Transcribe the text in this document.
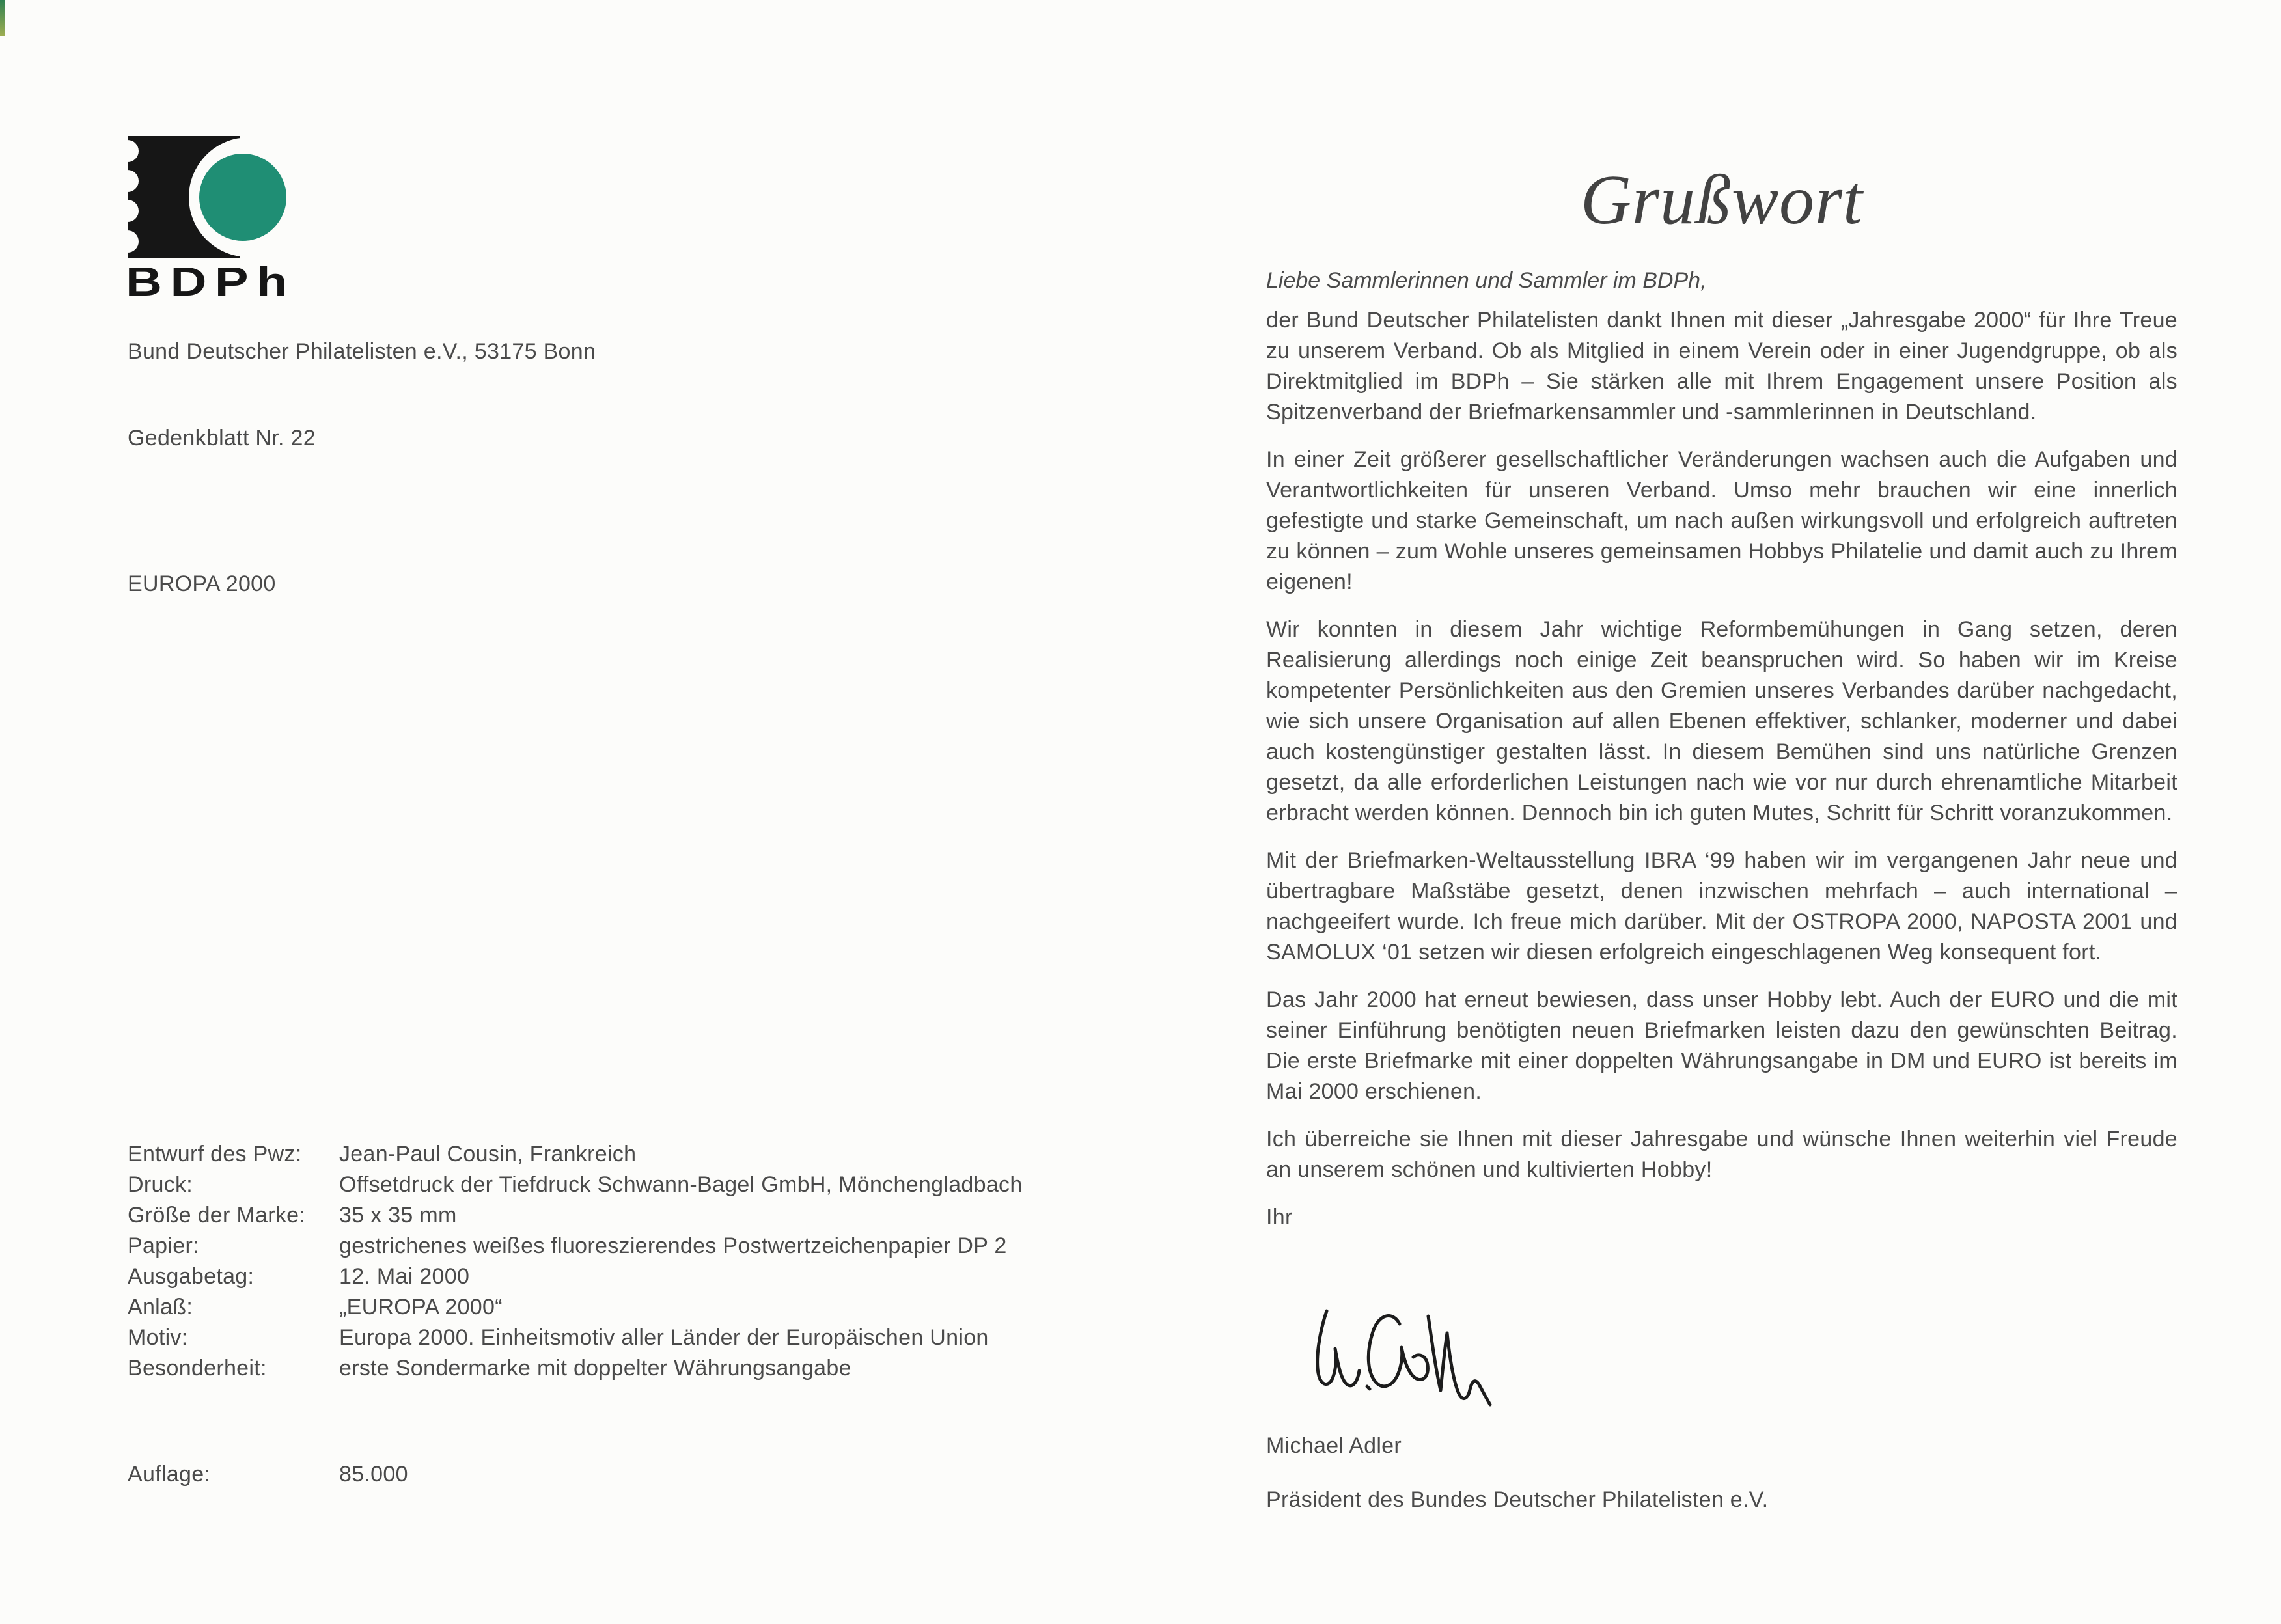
BDPh
Bund Deutscher Philatelisten e.V., 53175 Bonn
Gedenkblatt Nr. 22
EUROPA 2000
Entwurf des Pwz:	Jean-Paul Cousin, Frankreich
Druck:	Offsetdruck der Tiefdruck Schwann-Bagel GmbH, Mönchengladbach
Größe der Marke:	35 x 35 mm
Papier:	gestrichenes weißes fluoreszierendes Postwertzeichenpapier DP 2
Ausgabetag:	12. Mai 2000
Anlaß:	„EUROPA 2000“
Motiv:	Europa 2000. Einheitsmotiv aller Länder der Europäischen Union
Besonderheit:	erste Sondermarke mit doppelter Währungsangabe
Auflage:	85.000
Grußwort
Liebe Sammlerinnen und Sammler im BDPh,

der Bund Deutscher Philatelisten dankt Ihnen mit dieser „Jahresgabe 2000“ für Ihre Treue zu unserem Verband. Ob als Mitglied in einem Verein oder in einer Jugendgruppe, ob als Direktmitglied im BDPh – Sie stärken alle mit Ihrem Engagement unsere Position als Spitzenverband der Briefmarkensammler und -sammlerinnen in Deutschland.

In einer Zeit größerer gesellschaftlicher Veränderungen wachsen auch die Aufgaben und Verantwortlichkeiten für unseren Verband. Umso mehr brauchen wir eine innerlich gefestigte und starke Gemeinschaft, um nach außen wirkungsvoll und erfolgreich auftreten zu können – zum Wohle unseres gemeinsamen Hobbys Philatelie und damit auch zu Ihrem eigenen!

Wir konnten in diesem Jahr wichtige Reformbemühungen in Gang setzen, deren Realisierung allerdings noch einige Zeit beanspruchen wird. So haben wir im Kreise kompetenter Persönlichkeiten aus den Gremien unseres Verbandes darüber nachgedacht, wie sich unsere Organisation auf allen Ebenen effektiver, schlanker, moderner und dabei auch kostengünstiger gestalten lässt. In diesem Bemühen sind uns natürliche Grenzen gesetzt, da alle erforderlichen Leistungen nach wie vor nur durch ehrenamtliche Mitarbeit erbracht werden können. Dennoch bin ich guten Mutes, Schritt für Schritt voranzukommen.

Mit der Briefmarken-Weltausstellung IBRA ‘99 haben wir im vergangenen Jahr neue und übertragbare Maßstäbe gesetzt, denen inzwischen mehrfach – auch international – nachgeeifert wurde. Ich freue mich darüber. Mit der OSTROPA 2000, NAPOSTA 2001 und SAMOLUX ‘01 setzen wir diesen erfolgreich eingeschlagenen Weg konsequent fort.

Das Jahr 2000 hat erneut bewiesen, dass unser Hobby lebt. Auch der EURO und die mit seiner Einführung benötigten neuen Briefmarken leisten dazu den gewünschten Beitrag. Die erste Briefmarke mit einer doppelten Währungsangabe in DM und EURO ist bereits im Mai 2000 erschienen.

Ich überreiche sie Ihnen mit dieser Jahresgabe und wünsche Ihnen weiterhin viel Freude an unserem schönen und kultivierten Hobby!

Ihr

Michael Adler
Präsident des Bundes Deutscher Philatelisten e.V.
